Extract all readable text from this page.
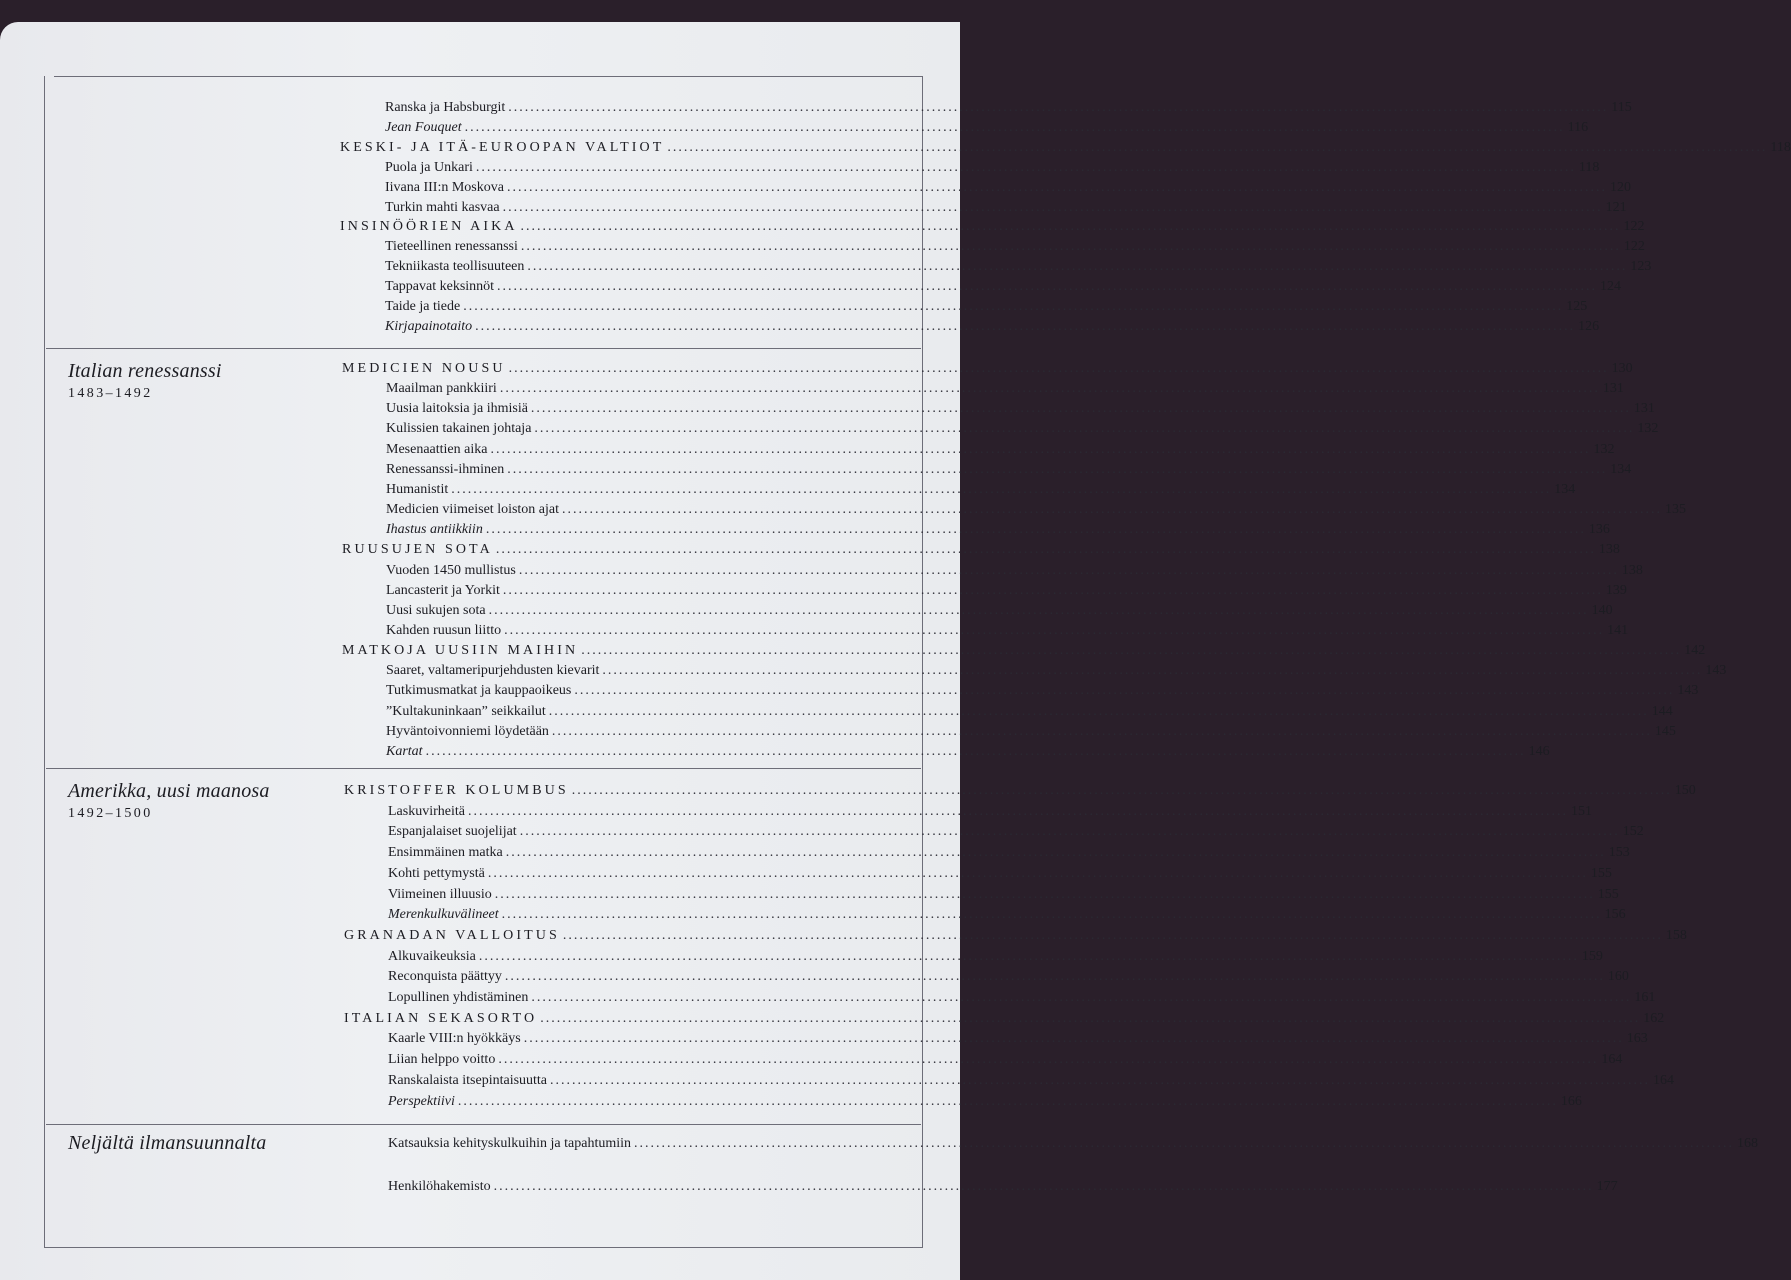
Italian renessanssi
1483–1492
Amerikka, uusi maanosa
1492–1500
Neljältä ilmansuunnalta
Ranska ja Habsburgit ........................................................................................................................................................................................................ 115
Jean Fouquet ........................................................................................................................................................................................................ 116
KESKI- JA ITÄ-EUROOPAN VALTIOT ........................................................................................................................................................................................................ 118
Puola ja Unkari ........................................................................................................................................................................................................ 118
Iivana III:n Moskova ........................................................................................................................................................................................................ 120
Turkin mahti kasvaa ........................................................................................................................................................................................................ 121
INSINÖÖRIEN AIKA ........................................................................................................................................................................................................ 122
Tieteellinen renessanssi ........................................................................................................................................................................................................ 122
Tekniikasta teollisuuteen ........................................................................................................................................................................................................ 123
Tappavat keksinnöt ........................................................................................................................................................................................................ 124
Taide ja tiede ........................................................................................................................................................................................................ 125
Kirjapainotaito ........................................................................................................................................................................................................ 126
MEDICIEN NOUSU ........................................................................................................................................................................................................ 130
Maailman pankkiiri ........................................................................................................................................................................................................ 131
Uusia laitoksia ja ihmisiä ........................................................................................................................................................................................................ 131
Kulissien takainen johtaja ........................................................................................................................................................................................................ 132
Mesenaattien aika ........................................................................................................................................................................................................ 132
Renessanssi-ihminen ........................................................................................................................................................................................................ 134
Humanistit ........................................................................................................................................................................................................ 134
Medicien viimeiset loiston ajat ........................................................................................................................................................................................................ 135
Ihastus antiikkiin ........................................................................................................................................................................................................ 136
RUUSUJEN SOTA ........................................................................................................................................................................................................ 138
Vuoden 1450 mullistus ........................................................................................................................................................................................................ 138
Lancasterit ja Yorkit ........................................................................................................................................................................................................ 139
Uusi sukujen sota ........................................................................................................................................................................................................ 140
Kahden ruusun liitto ........................................................................................................................................................................................................ 141
MATKOJA UUSIIN MAIHIN ........................................................................................................................................................................................................ 142
Saaret, valtameripurjehdusten kievarit ........................................................................................................................................................................................................ 143
Tutkimusmatkat ja kauppaoikeus ........................................................................................................................................................................................................ 143
”Kultakuninkaan” seikkailut ........................................................................................................................................................................................................ 144
Hyväntoivonniemi löydetään ........................................................................................................................................................................................................ 145
Kartat ........................................................................................................................................................................................................ 146
KRISTOFFER KOLUMBUS ........................................................................................................................................................................................................ 150
Laskuvirheitä ........................................................................................................................................................................................................ 151
Espanjalaiset suojelijat ........................................................................................................................................................................................................ 152
Ensimmäinen matka ........................................................................................................................................................................................................ 153
Kohti pettymystä ........................................................................................................................................................................................................ 155
Viimeinen illuusio ........................................................................................................................................................................................................ 155
Merenkulkuvälineet ........................................................................................................................................................................................................ 156
GRANADAN VALLOITUS ........................................................................................................................................................................................................ 158
Alkuvaikeuksia ........................................................................................................................................................................................................ 159
Reconquista päättyy ........................................................................................................................................................................................................ 160
Lopullinen yhdistäminen ........................................................................................................................................................................................................ 161
ITALIAN SEKASORTO ........................................................................................................................................................................................................ 162
Kaarle VIII:n hyökkäys ........................................................................................................................................................................................................ 163
Liian helppo voitto ........................................................................................................................................................................................................ 164
Ranskalaista itsepintaisuutta ........................................................................................................................................................................................................ 164
Perspektiivi ........................................................................................................................................................................................................ 166
Katsauksia kehityskulkuihin ja tapahtumiin ........................................................................................................................................................................................................ 168
Henkilöhakemisto ........................................................................................................................................................................................................ 177
